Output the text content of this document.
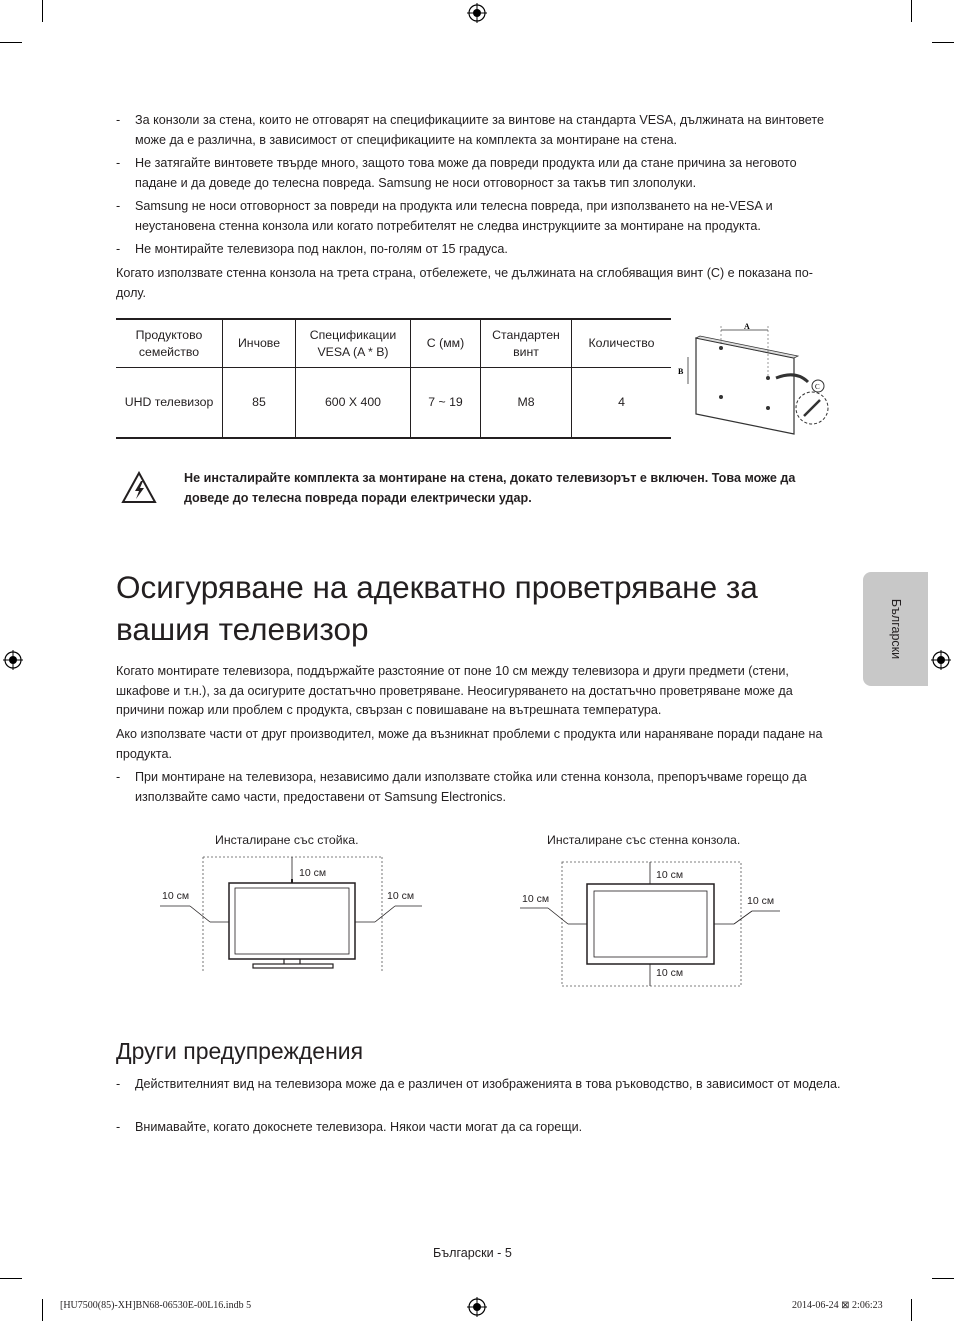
- За конзоли за стена, които не отговарят на спецификациите за винтове на стандарта VESA, дължината на винтовете може да е различна, в зависимост от спецификациите на комплекта за монтиране на стена.
- Не затягайте винтовете твърде много, защото това може да повреди продукта или да стане причина за неговото падане и да доведе до телесна повреда. Samsung не носи отговорност за такъв тип злополуки.
- Samsung не носи отговорност за повреди на продукта или телесна повреда, при използването на не-VESA и неустановена стенна конзола или когато потребителят не следва инструкциите за монтиране на продукта.
- Не монтирайте телевизора под наклон, по-голям от 15 градуса.
Когато използвате стенна конзола на трета страна, отбележете, че дължината на сглобяващия винт (C) е показана по-долу.
Продуктово семейство	Инчове	Спецификации VESA (A * B)	C (мм)	Стандартен винт	Количество
UHD телевизор	85	600 X 400	7 ~ 19	M8	4
A
B
C
Не инсталирайте комплекта за монтиране на стена, докато телевизорът е включен. Това може да доведе до телесна повреда поради електрически удар.
Осигуряване на адекватно проветряване за вашия телевизор	Български
Когато монтирате телевизора, поддържайте разстояние от поне 10 см между телевизора и други предмети (стени, шкафове и т.н.), за да осигурите достатъчно проветряване. Неосигуряването на достатъчно проветряване може да причини пожар или проблем с продукта, свързан с повишаване на вътрешната температура.
Ако използвате части от друг производител, може да възникнат проблеми с продукта или нараняване поради падане на продукта.
- При монтиране на телевизора, независимо дали използвате стойка или стенна конзола, препоръчваме горещо да използвайте само части, предоставени от Samsung Electronics.
Инсталиране със стойка.
10 см
10 см	10 см
Инсталиране със стенна конзола.
10 см
10 см	10 см
10 см
Други предупреждения
- Действителният вид на телевизора може да е различен от изображенията в това ръководство, в зависимост от модела.
- Внимавайте, когато докоснете телевизора. Някои части могат да са горещи.
Български - 5
[HU7500(85)-XH]BN68-06530E-00L16.indb 5	2014-06-24 ⊠ 2:06:23
